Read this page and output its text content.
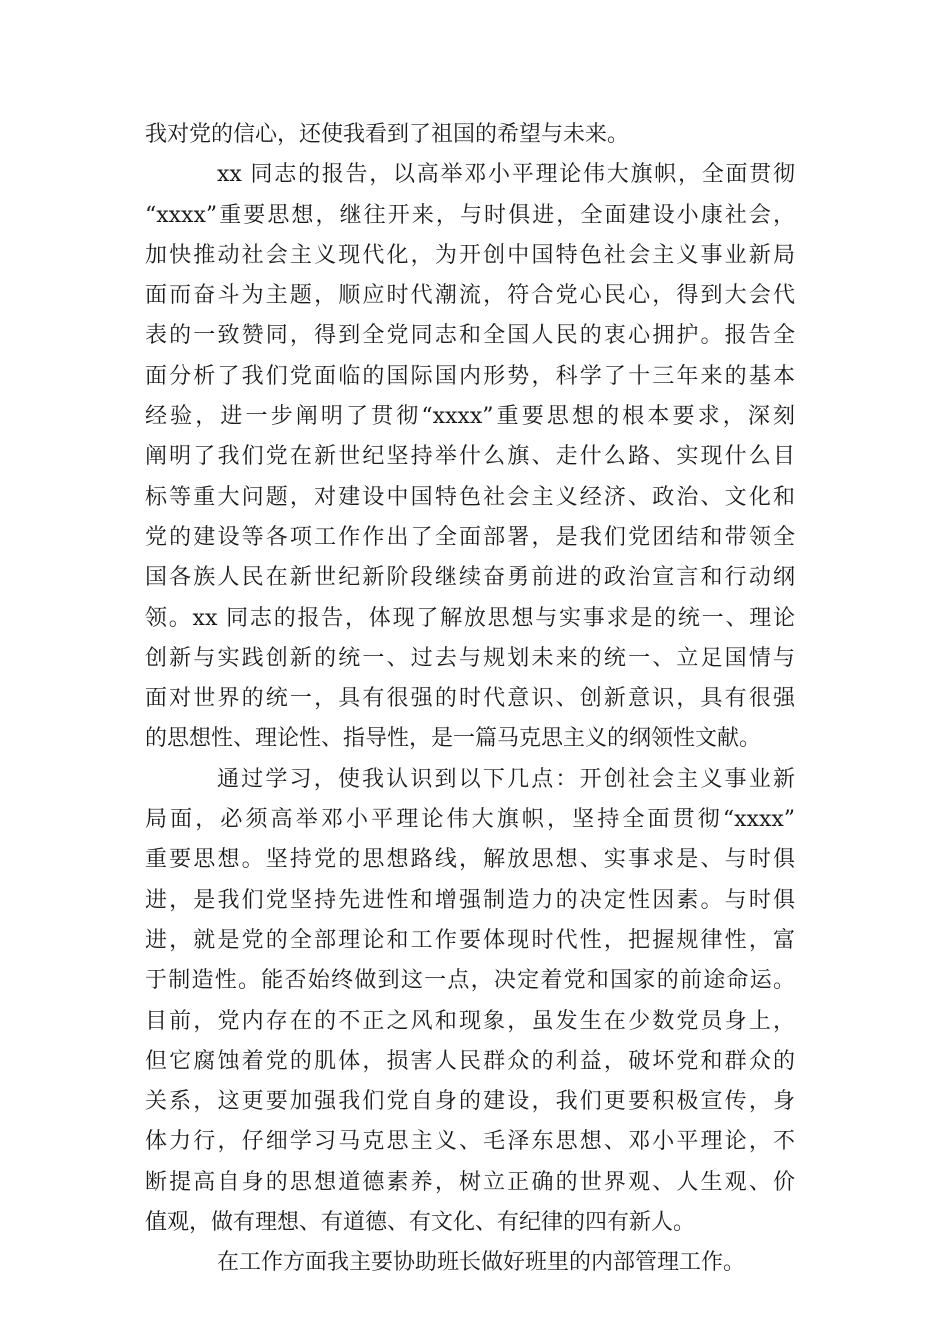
我对党的信心，还使我看到了祖国的希望与未来。
xx 同志的报告，以高举邓小平理论伟大旗帜，全面贯彻
“xxxx”重要思想，继往开来，与时俱进，全面建设小康社会，
加快推动社会主义现代化，为开创中国特色社会主义事业新局
面而奋斗为主题，顺应时代潮流，符合党心民心，得到大会代
表的一致赞同，得到全党同志和全国人民的衷心拥护。报告全
面分析了我们党面临的国际国内形势，科学了十三年来的基本
经验，进一步阐明了贯彻“xxxx”重要思想的根本要求，深刻
阐明了我们党在新世纪坚持举什么旗、走什么路、实现什么目
标等重大问题，对建设中国特色社会主义经济、政治、文化和
党的建设等各项工作作出了全面部署，是我们党团结和带领全
国各族人民在新世纪新阶段继续奋勇前进的政治宣言和行动纲
领。xx 同志的报告，体现了解放思想与实事求是的统一、理论
创新与实践创新的统一、过去与规划未来的统一、立足国情与
面对世界的统一，具有很强的时代意识、创新意识，具有很强
的思想性、理论性、指导性，是一篇马克思主义的纲领性文献。
通过学习，使我认识到以下几点：开创社会主义事业新
局面，必须高举邓小平理论伟大旗帜，坚持全面贯彻“xxxx”
重要思想。坚持党的思想路线，解放思想、实事求是、与时俱
进，是我们党坚持先进性和增强制造力的决定性因素。与时俱
进，就是党的全部理论和工作要体现时代性，把握规律性，富
于制造性。能否始终做到这一点，决定着党和国家的前途命运。
目前，党内存在的不正之风和现象，虽发生在少数党员身上，
但它腐蚀着党的肌体，损害人民群众的利益，破坏党和群众的
关系，这更要加强我们党自身的建设，我们更要积极宣传，身
体力行，仔细学习马克思主义、毛泽东思想、邓小平理论，不
断提高自身的思想道德素养，树立正确的世界观、人生观、价
值观，做有理想、有道德、有文化、有纪律的四有新人。
在工作方面我主要协助班长做好班里的内部管理工作。
